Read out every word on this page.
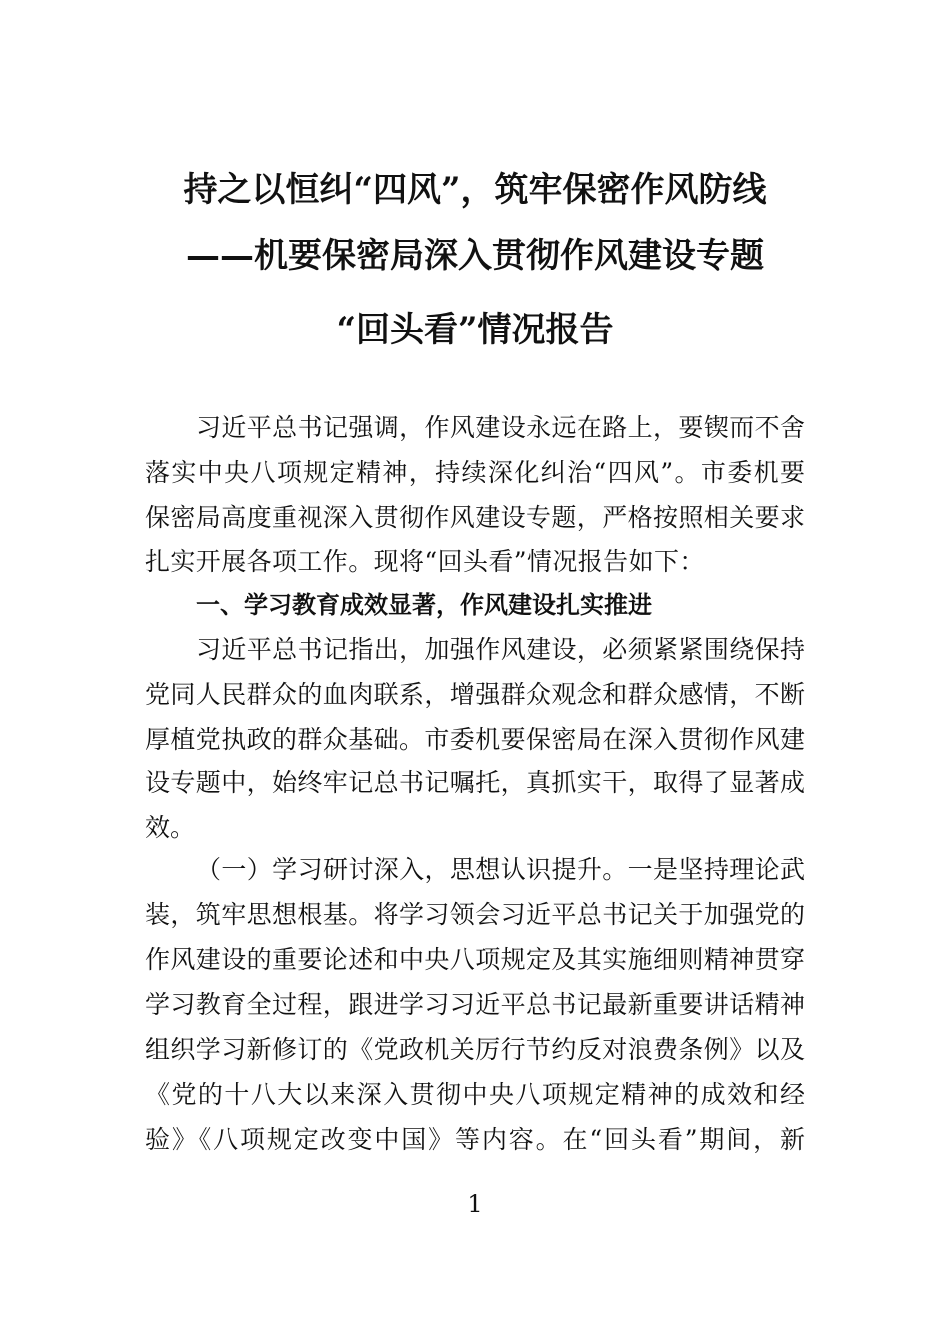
持之以恒纠“四风”，筑牢保密作风防线
——机要保密局深入贯彻作风建设专题
“回头看”情况报告
习近平总书记强调，作风建设永远在路上，要锲而不舍
落实中央八项规定精神，持续深化纠治“四风”。市委机要
保密局高度重视深入贯彻作风建设专题，严格按照相关要求
扎实开展各项工作。现将“回头看”情况报告如下：
一、学习教育成效显著，作风建设扎实推进
习近平总书记指出，加强作风建设，必须紧紧围绕保持
党同人民群众的血肉联系，增强群众观念和群众感情，不断
厚植党执政的群众基础。市委机要保密局在深入贯彻作风建
设专题中，始终牢记总书记嘱托，真抓实干，取得了显著成
效。
（一）学习研讨深入，思想认识提升。一是坚持理论武
装，筑牢思想根基。将学习领会习近平总书记关于加强党的
作风建设的重要论述和中央八项规定及其实施细则精神贯穿
学习教育全过程，跟进学习习近平总书记最新重要讲话精神
组织学习新修订的《党政机关厉行节约反对浪费条例》以及
《党的十八大以来深入贯彻中央八项规定精神的成效和经
验》《八项规定改变中国》等内容。在“回头看”期间，新
1
